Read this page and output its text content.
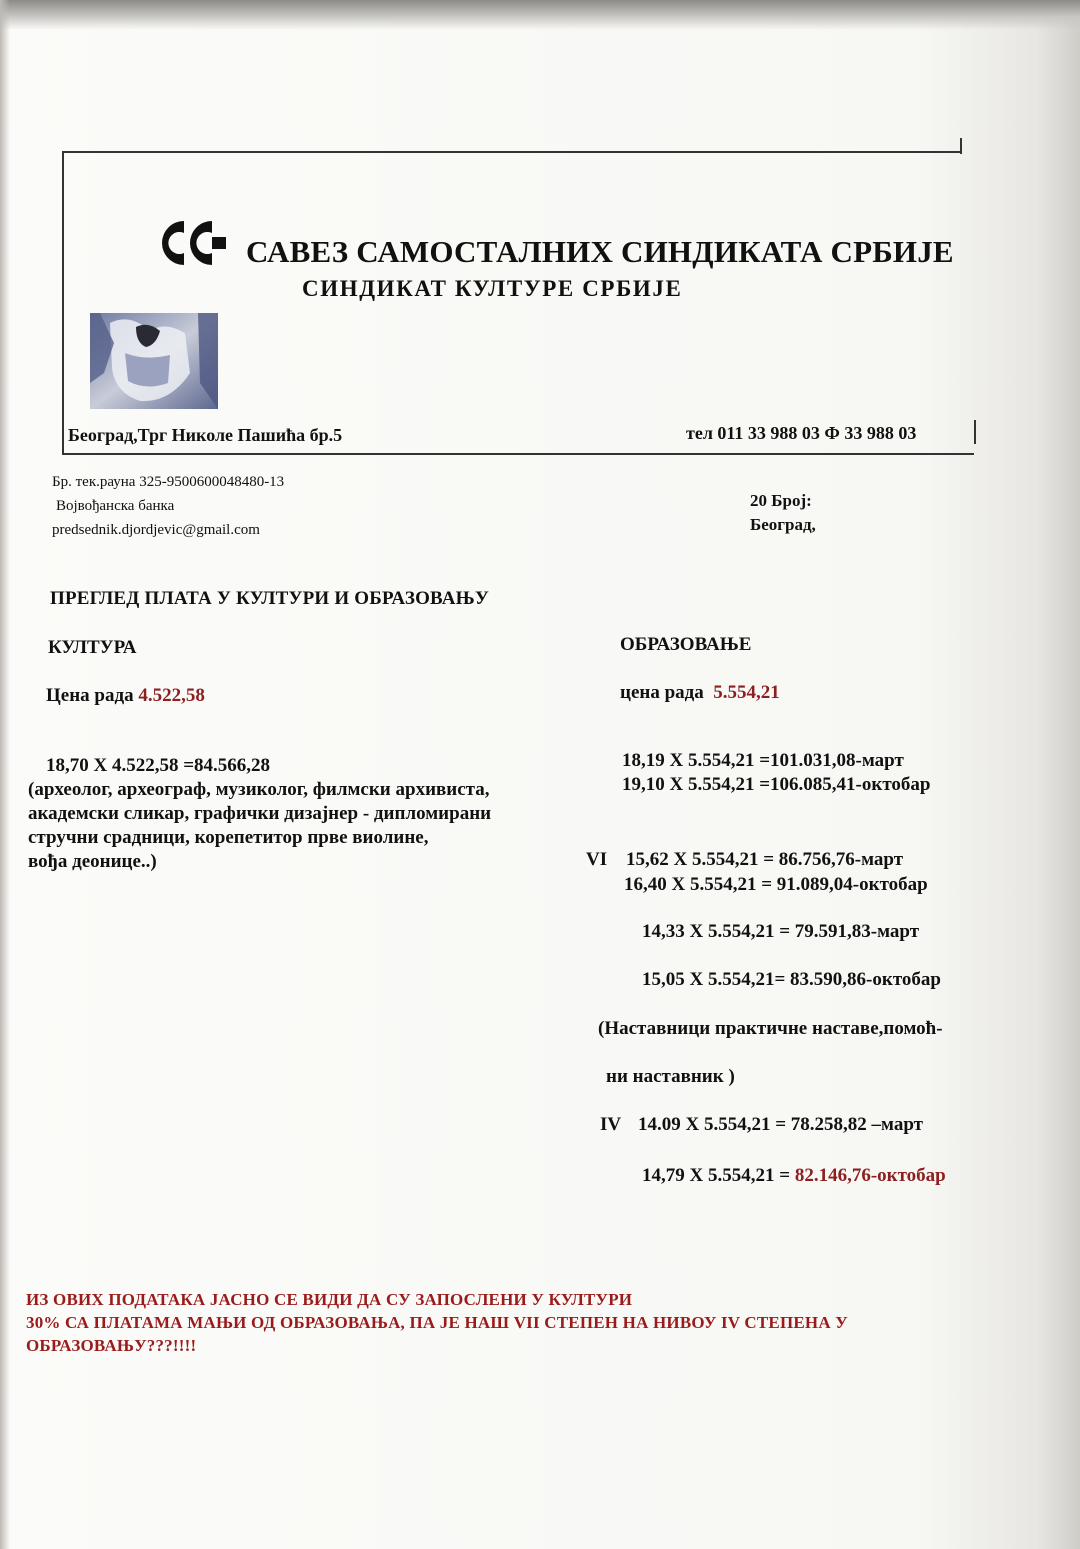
САВЕЗ САМОСТАЛНИХ СИНДИКАТА СРБИЈЕ
СИНДИКАТ КУЛТУРЕ СРБИЈЕ
Београд,Трг Николе Пашића бр.5	тел 011 33 988 03 Ф 33 988 03
Бр. тек.рауна 325-9500600048480-13
Војвођанска банка
predsednik.djordjevic@gmail.com
20 Број:
Београд,
ПРЕГЛЕД ПЛАТА У КУЛТУРИ И ОБРАЗОВАЊУ
КУЛТУРА
Цена рада 4.522,58
18,70 Х 4.522,58 =84.566,28
(археолог, археограф, музиколог, филмски архивиста,
академски сликар, графички дизајнер - дипломирани
стручни срадници, корепетитор прве виолине,
вођа деонице..)
ОБРАЗОВАЊЕ
цена рада 5.554,21
18,19 Х 5.554,21 =101.031,08-март
19,10 Х 5.554,21 =106.085,41-октобар
VI 15,62 Х 5.554,21 = 86.756,76-март
16,40 Х 5.554,21 = 91.089,04-октобар
14,33 Х 5.554,21 = 79.591,83-март
15,05 Х 5.554,21= 83.590,86-октобар
(Наставници практичне наставе,помоћ-
ни наставник )
IV 14.09 Х 5.554,21 = 78.258,82 –март
14,79 Х 5.554,21 = 82.146,76-октобар
ИЗ ОВИХ ПОДАТАКА ЈАСНО СЕ ВИДИ ДА СУ ЗАПОСЛЕНИ У КУЛТУРИ
30% СА ПЛАТАМА МАЊИ ОД ОБРАЗОВАЊА, ПА ЈЕ НАШ VII СТЕПЕН НА НИВОУ IV СТЕПЕНА У
ОБРАЗОВАЊУ???!!!!
